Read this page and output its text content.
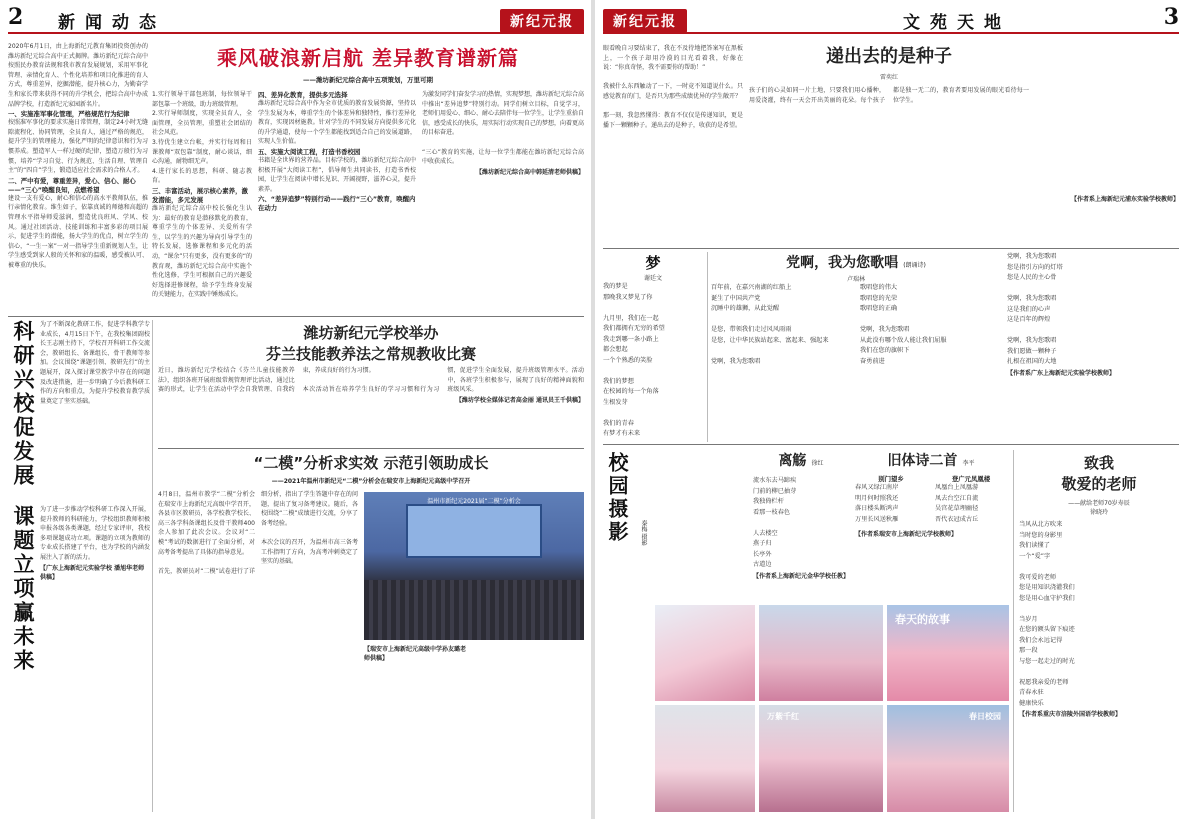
2 新闻动态	新纪元报
2020年6月1日，由上海新纪元教育集团投资创办的潍坊新纪元综合高中正式揭牌。潍坊新纪元综合高中按照民办教育法规和我市教育发展规划，采用军事化管理、亲情化育人、个性化培养和项目化推进的育人方式，尊重差异，挖掘潜能，提升核心力，为勤奋学生和家长带来获得不同的升学机会，把综合高中办成品牌学校，打造新纪元家园新名片。
一、实施准军事化管理，严格规范行为纪律
按照准军事化的要求实施日常管理，制定24小时无缝隙流程化、协同管理，全员育人，通过严格的规范，提升学生的管理能力，强化严明的纪律意识和行为习惯养成。塑造军人一样过硬的纪律，塑造万般行为习惯，培养“学习自觉、行为规范、生活自理、管理自主”的“四自”学生，锻造适应社会需求的合格人才。
二、严中有爱，尊重差异，爱心、信心、耐心——“三心”唤醒良知，点燃希望
建设一支有爱心，耐心和信心的高水平教师队伍，推行亲情化教育。维生如子，依靠真诚的师德和高超的管理水平指导师爱滋润，塑造优良班风、学风、校风。通过社团活动、技能训练和丰富多彩的项目展示，促进学生的潜能，扬大学生的优点，树立学生的信心，“一生一案”一对一指导学生重新规划人生，让学生感受到家人般的关怀和家的温暖，感受被认可、被尊重的快乐。
乘风破浪新启航 差异教育谱新篇
——潍坊新纪元综合高中五项策划，万里可期
1.实行领导干部包班制，每位领导干部包靠一个班级，助力班级管理。
2.实行导师制度，实现全员育人，全面管理，全员管理，重塑社会团结的社会风范。
3.待优生建立台帐，并实行每周和日课教师“双包靠”制度，耐心谈话，细心沟通，耐物细无声。
4.进行家长的思想，科研、随志教育。
三、丰富活动，展示核心素养，激发潜能，多元发展
潍坊新纪元综合高中校长强化生认为：最好的教育是潜移默化的教育，尊重学生的个体差异、关爱所有学生，以学生的兴趣为导向引导学生的特长发展，选修课程和多元化的活动，“课余”只有更多，没有更多的“的教育观，潍坊新纪元综合高中实施个性化选修，学生可根据自己的兴趣爱好选择进修课程，给予学生终身发展的关键能力，在实践中锤炼成长。
四、差异化教育，提供多元选择
潍坊新纪元综合高中作为全市优质的教育发展资源，坚持以学生发展为本，尊重学生的个体差异和独特性，推行差异化教育，实现因材施教。针对学生的不同发展方向提供多元化的升学通道，使每一个学生都能找到适合自己的发展道路，实现人生价值。
五、实施大阅读工程，打造书香校园
书籍是全世界的营养品。目标学校的，潍坊新纪元综合高中积极开展“大阅读工程”，倡导师生共同读书，打造书香校园，让学生在阅读中增长见识、开阔视野，滋养心灵，提升素养。
六、“差异追梦”特别行动——践行“三心”教育，唤醒内在动力
为激发同学们奋发学习的热情，实现梦想，潍坊新纪元综合高中推出“差异追梦”特别行动。同学们树立目标，自觉学习，老师们用爱心、细心、耐心去陪伴每一位学生，让学生重拾自信，感受成长的快乐，用实际行动实现自己的梦想，向着更高的目标奋进。

“三心”教育的实施，让每一位学生都能在潍坊新纪元综合高中收获成长。
【潍坊新纪元综合高中韩延清老师供稿】
科研兴校促发展 为了不断深化教研工作，促进学科教学专业成长，4月15日下午，在我校集团副校长王志刚主持下，学校召开科研工作交流会，教研组长、备课组长、骨干教师等参加。会议围绕“课题引领、教研先行”的主题展开，深入探讨课堂教学中存在的问题及改进措施，进一步明确了今后教科研工作的方向和重点，为提升学校教育教学质量奠定了坚实基础。
课题立项赢未来 为了进一步推动学校科研工作深入开展，提升教师的科研能力，学校组织教师积极申报各级各类课题，经过专家评审，我校多项课题成功立项。课题的立项为教师的专业成长搭建了平台，也为学校的内涵发展注入了新的活力。
【广东上海新纪元实验学校 潘旭华老师供稿】
潍坊新纪元学校举办
芬兰技能教养法之常规教收比赛
近日，潍坊新纪元学校结合《芬兰儿童技能教养法》，组织各班开展班级常规管理评比活动，通过比赛的形式，让学生在活动中学会自我管理、自我约束，养成良好的行为习惯。

本次活动旨在培养学生良好的学习习惯和行为习惯，促进学生全面发展，提升班级管理水平。活动中，各班学生积极参与，展现了良好的精神面貌和班级风采。
【潍坊学校全媒体记者高金丽 通讯员王千供稿】
“二模”分析求实效 示范引领助成长
——2021年温州市新纪元“二模”分析会在瑞安市上海新纪元高级中学召开
4月8日，温州市教学“二模”分析会在瑞安市上海新纪元高级中学召开，各县市区教研员，各学校教学校长、高三各学科备课组长及骨干教师400余人参加了此次会议。会议对“二模”考试的数据进行了全面分析，对高考备考提出了具体的指导意见。

首先，教研员对“二模”试卷进行了详细分析，指出了学生答题中存在的问题，提出了复习备考建议。随后，各校围绕“二模”成绩进行交流，分享了备考经验。

本次会议的召开，为温州市高三备考工作指明了方向，为高考冲刺奠定了坚实的基础。
温州市新纪元2021届“二模”分析会
【瑞安市上海新纪元高级中学孙友璐老师供稿】
新纪元报	文苑天地	3
眼看晚自习要结束了，我在不及待地把答案写在黑板上，一个孩子却用冷漠的目光看着我，好像在说：“你真奇怪，我不需要你的帮助！”

我被什么东西触动了一下，一时竟不知道说什么。只感觉教育的门，是否只为那些成绩优异的学生敞开？

那一刻，我忽然懂得：教育不仅仅是传递知识，更是播下一颗颗种子。递出去的是种子，收获的是希望。
递出去的是种子
雷奕红
孩子们的心灵如同一片土地，只要我们用心播种，用爱浇灌，终有一天会开出美丽的花朵。每个孩子都是独一无二的，教育者要用发展的眼光看待每一位学生。
【作者系上海新纪元浦东实验学校教师】
梦
谢廷文
我的梦是
那晚我又梦见了你

九月里，我们在一起
我们都拥有无穷的希望
我走到哪一条小路上
都会想起
一个个熟悉的笑脸

我们的梦想
在校园的每一个角落
生根发芽

我们的青春
有梦才有未来

党啊，我为您歌唱 (朗诵诗)
卢瑞林
百年前，在嘉兴南湖的红船上
诞生了中国共产党
沉睡中的雄狮，从此觉醒

是您，带领我们走过风风雨雨
是您，让中华民族站起来、富起来、强起来

党啊，我为您歌唱
歌唱您的伟大
歌唱您的光荣
歌唱您的正确

党啊，我为您歌唱
从此没有哪个敌人能让我们屈服
我们在您的旗帜下
奋勇前进
党啊，我为您歌唱
您是指引方向的灯塔
您是人民的主心骨

党啊，我为您歌唱
这是我们的心声
这是百年的辉煌

党啊，我为您歌唱
我们愿做一颗种子
扎根在祖国的大地
【作者系广东上海新纪元实验学校教师】
校园摄影	秦梅 摄影
离觞 徐红
流水东去马蹄疾
门前的柳已抽芽
我独倚栏杆
看那一枝春色

人去楼空
燕子归
长亭外
古道边
【作者系上海新纪元金华学校任教】
旧体诗二首 李平
别门望乡
春风又绿江南岸
明月何时照我还
落日楼头断鸿声
万里长风送秋雁
登广元凤凰楼
凤凰台上凤凰游
凤去台空江自流
吴宫花草埋幽径
晋代衣冠成古丘
【作者系瑞安市上海新纪元学校教师】
致我
敬爱的老师
——献给老师70岁寿辰
徐晓玲
当风从北方吹来
当时您的身影里
我们读懂了
一个“爱”字

我可爱的老师
您是用知识浇灌我们
您是用心血守护我们

当岁月
在您的额头留下痕迹
我们会永远记得
那一段
与您一起走过的时光

祝愿我亲爱的老师
青春永驻
健康快乐
【作者系重庆市涪陵外国语学校教师】
春天的故事
万紫千红	春日校园
